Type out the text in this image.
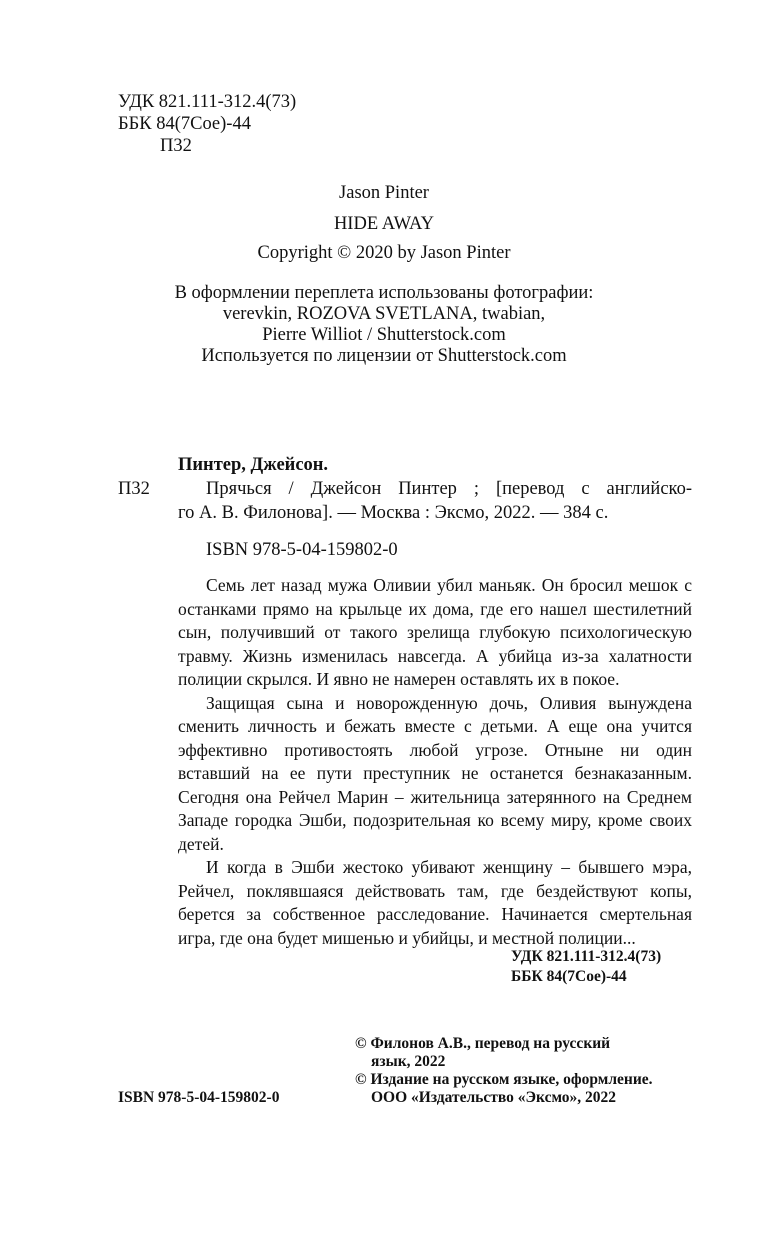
УДК 821.111-312.4(73)
ББК 84(7Сое)-44
П32
Jason Pinter
HIDE AWAY
Copyright © 2020 by Jason Pinter
В оформлении переплета использованы фотографии:
verevkin, ROZOVA SVETLANA, twabian,
Pierre Williot / Shutterstock.com
Используется по лицензии от Shutterstock.com
Пинтер, Джейсон.
П32	Прячься / Джейсон Пинтер ; [перевод с английско-
го А. В. Филонова]. — Москва : Эксмо, 2022. — 384 с.
ISBN 978-5-04-159802-0

Семь лет назад мужа Оливии убил маньяк. Он бросил мешок с останками прямо на крыльце их дома, где его нашел шестилетний сын, получивший от такого зрелища глубокую психологическую травму. Жизнь изменилась навсегда. А убийца из-за халатности полиции скрылся. И явно не намерен оставлять их в покое.

Защищая сына и новорожденную дочь, Оливия вынуждена сменить личность и бежать вместе с детьми. А еще она учится эффективно противостоять любой угрозе. Отныне ни один вставший на ее пути преступник не останется безнаказанным. Сегодня она Рейчел Марин – жительница затерянного на Среднем Западе городка Эшби, подозрительная ко всему миру, кроме своих детей.

И когда в Эшби жестоко убивают женщину – бывшего мэра, Рейчел, поклявшаяся действовать там, где бездействуют копы, берется за собственное расследование. Начинается смертельная игра, где она будет мишенью и убийцы, и местной полиции...

УДК 821.111-312.4(73)
ББК 84(7Сое)-44
© Филонов А.В., перевод на русский
язык, 2022
© Издание на русском языке, оформление.
ООО «Издательство «Эксмо», 2022
ISBN 978-5-04-159802-0
